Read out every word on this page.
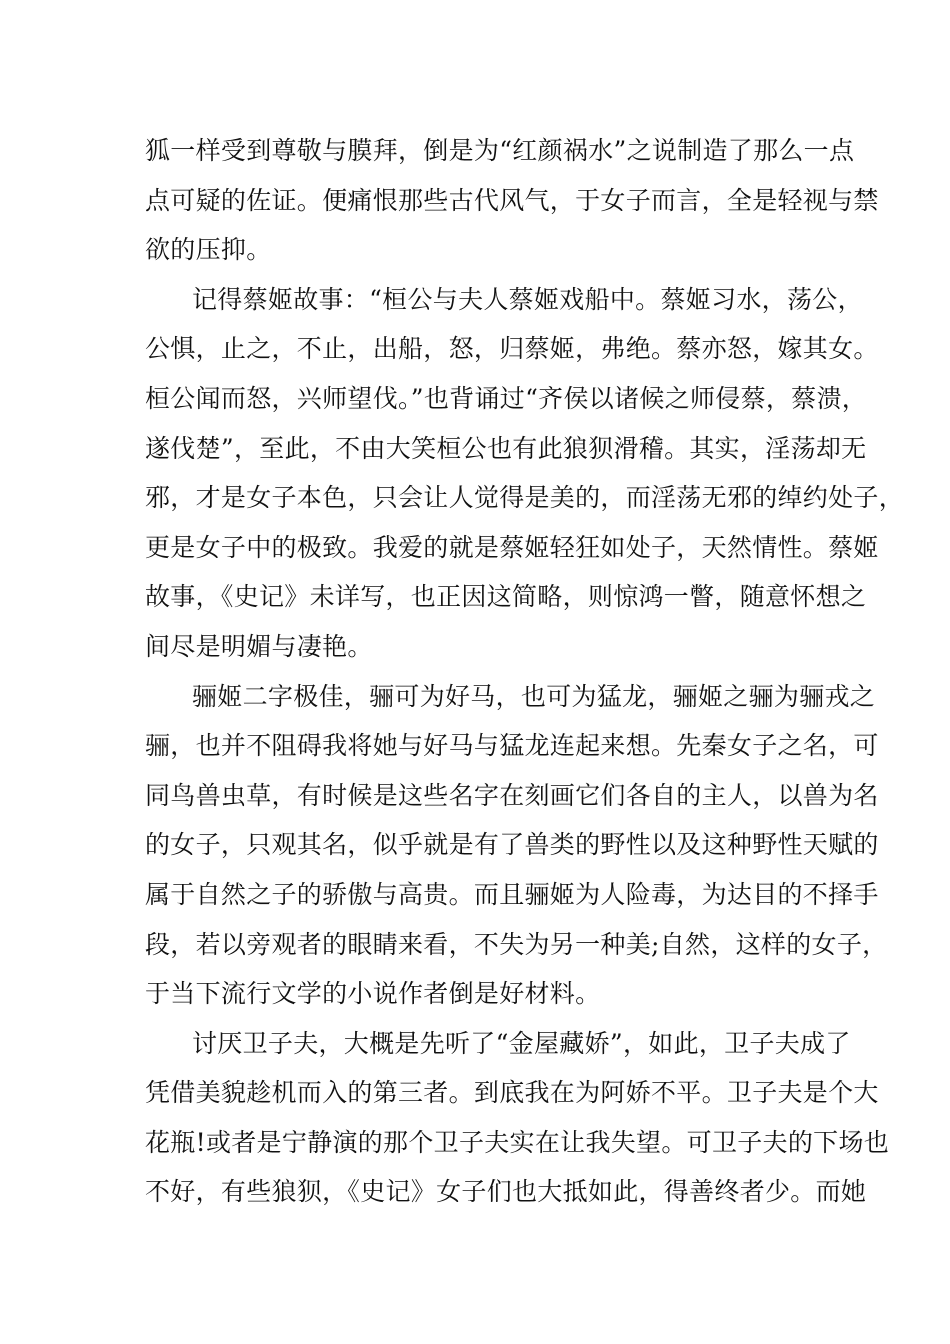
狐一样受到尊敬与膜拜，倒是为“红颜祸水”之说制造了那么一点
点可疑的佐证。便痛恨那些古代风气，于女子而言，全是轻视与禁
欲的压抑。
记得蔡姬故事：“桓公与夫人蔡姬戏船中。蔡姬习水，荡公，
公惧，止之，不止，出船，怒，归蔡姬，弗绝。蔡亦怒，嫁其女。
桓公闻而怒，兴师望伐。”也背诵过“齐侯以诸候之师侵蔡，蔡溃，
遂伐楚”，至此，不由大笑桓公也有此狼狈滑稽。其实，淫荡却无
邪，才是女子本色，只会让人觉得是美的，而淫荡无邪的绰约处子，
更是女子中的极致。我爱的就是蔡姬轻狂如处子，天然情性。蔡姬
故事，《史记》未详写，也正因这简略，则惊鸿一瞥，随意怀想之
间尽是明媚与凄艳。
骊姬二字极佳，骊可为好马，也可为猛龙，骊姬之骊为骊戎之
骊，也并不阻碍我将她与好马与猛龙连起来想。先秦女子之名，可
同鸟兽虫草，有时候是这些名字在刻画它们各自的主人，以兽为名
的女子，只观其名，似乎就是有了兽类的野性以及这种野性天赋的
属于自然之子的骄傲与高贵。而且骊姬为人险毒，为达目的不择手
段，若以旁观者的眼睛来看，不失为另一种美;自然，这样的女子，
于当下流行文学的小说作者倒是好材料。
讨厌卫子夫，大概是先听了“金屋藏娇”，如此，卫子夫成了
凭借美貌趁机而入的第三者。到底我在为阿娇不平。卫子夫是个大
花瓶!或者是宁静演的那个卫子夫实在让我失望。可卫子夫的下场也
不好，有些狼狈，《史记》女子们也大抵如此，得善终者少。而她
